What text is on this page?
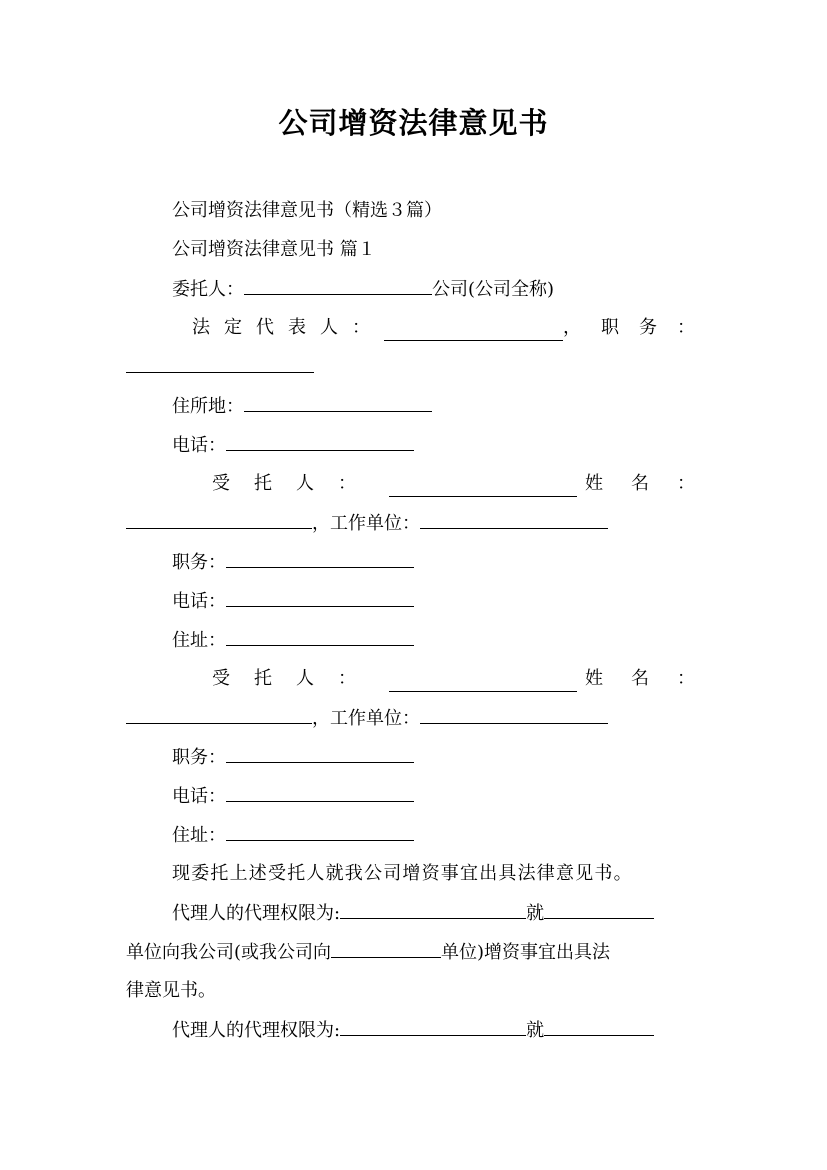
公司增资法律意见书
公司增资法律意见书（精选３篇）
公司增资法律意见书 篇１
委托人：	公司(公司全称)
法定代表人：	，职务：
住所地：
电话：
受托人：	姓名：
，工作单位：
职务：
电话：
住址：
受托人：	姓名：
，工作单位：
职务：
电话：
住址：
现委托上述受托人就我公司增资事宜出具法律意见书。
代理人的代理权限为:	就
单位向我公司(或我公司向	单位)增资事宜出具法
律意见书。
代理人的代理权限为:	就
